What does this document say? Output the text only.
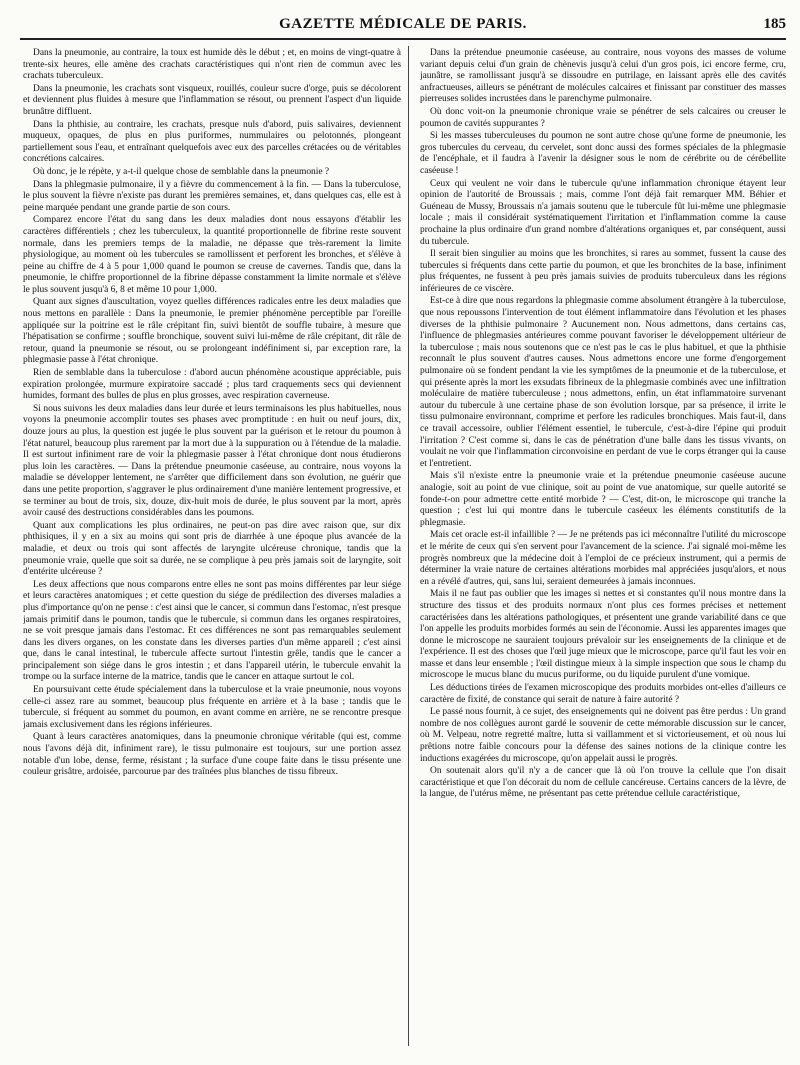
GAZETTE MÉDICALE DE PARIS.	185

Dans la pneumonie, au contraire, la toux est humide dès le début ; et, en moins de vingt-quatre à trente-six heures, elle amène des crachats caractéristiques qui n'ont rien de commun avec les crachats tuberculeux.

Dans la pneumonie, les crachats sont visqueux, rouillés, couleur sucre d'orge, puis se décolorent et deviennent plus fluides à mesure que l'inflammation se résout, ou prennent l'aspect d'un liquide brunâtre diffluent.

Dans la phthisie, au contraire, les crachats, presque nuls d'abord, puis salivaires, deviennent muqueux, opaques, de plus en plus puriformes, nummulaires ou pelotonnés, plongeant partiellement sous l'eau, et entraînant quelquefois avec eux des parcelles crétacées ou de véritables concrétions calcaires.

Où donc, je le répète, y a-t-il quelque chose de semblable dans la pneumonie ?

Dans la phlegmasie pulmonaire, il y a fièvre du commencement à la fin. — Dans la tuberculose, le plus souvent la fièvre n'existe pas durant les premières semaines, et, dans quelques cas, elle est à peine marquée pendant une grande partie de son cours.

Comparez encore l'état du sang dans les deux maladies dont nous essayons d'établir les caractères différentiels ; chez les tuberculeux, la quantité proportionnelle de fibrine reste souvent normale, dans les premiers temps de la maladie, ne dépasse que très-rarement la limite physiologique, au moment où les tubercules se ramollissent et perforent les bronches, et s'élève à peine au chiffre de 4 à 5 pour 1,000 quand le poumon se creuse de cavernes. Tandis que, dans la pneumonie, le chiffre proportionnel de la fibrine dépasse constamment la limite normale et s'élève le plus souvent jusqu'à 6, 8 et même 10 pour 1,000.

Quant aux signes d'auscultation, voyez quelles différences radicales entre les deux maladies que nous mettons en parallèle : Dans la pneumonie, le premier phénomène perceptible par l'oreille appliquée sur la poitrine est le râle crépitant fin, suivi bientôt de souffle tubaire, à mesure que l'hépatisation se confirme ; souffle bronchique, souvent suivi lui-même de râle crépitant, dit râle de retour, quand la pneumonie se résout, ou se prolongeant indéfiniment si, par exception rare, la phlegmasie passe à l'état chronique.

Rien de semblable dans la tuberculose : d'abord aucun phénomène acoustique appréciable, puis expiration prolongée, murmure expiratoire saccadé ; plus tard craquements secs qui deviennent humides, formant des bulles de plus en plus grosses, avec respiration caverneuse.

Si nous suivons les deux maladies dans leur durée et leurs terminaisons les plus habituelles, nous voyons la pneumonie accomplir toutes ses phases avec promptitude : en huit ou neuf jours, dix, douze jours au plus, la question est jugée le plus souvent par la guérison et le retour du poumon à l'état naturel, beaucoup plus rarement par la mort due à la suppuration ou à l'étendue de la maladie. Il est surtout infiniment rare de voir la phlegmasie passer à l'état chronique dont nous étudierons plus loin les caractères. — Dans la prétendue pneumonie caséeuse, au contraire, nous voyons la maladie se développer lentement, ne s'arrêter que difficilement dans son évolution, ne guérir que dans une petite proportion, s'aggraver le plus ordinairement d'une manière lentement progressive, et se terminer au bout de trois, six, douze, dix-huit mois de durée, le plus souvent par la mort, après avoir causé des destructions considérables dans les poumons.

Quant aux complications les plus ordinaires, ne peut-on pas dire avec raison que, sur dix phthisiques, il y en a six au moins qui sont pris de diarrhée à une époque plus avancée de la maladie, et deux ou trois qui sont affectés de laryngite ulcéreuse chronique, tandis que la pneumonie vraie, quelle que soit sa durée, ne se complique à peu près jamais soit de laryngite, soit d'entérite ulcéreuse ?

Les deux affections que nous comparons entre elles ne sont pas moins différentes par leur siége et leurs caractères anatomiques ; et cette question du siége de prédilection des diverses maladies a plus d'importance qu'on ne pense : c'est ainsi que le cancer, si commun dans l'estomac, n'est presque jamais primitif dans le poumon, tandis que le tubercule, si commun dans les organes respiratoires, ne se voit presque jamais dans l'estomac. Et ces différences ne sont pas remarquables seulement dans les divers organes, on les constate dans les diverses parties d'un même appareil ; c'est ainsi que, dans le canal intestinal, le tubercule affecte surtout l'intestin grêle, tandis que le cancer a principalement son siége dans le gros intestin ; et dans l'appareil utérin, le tubercule envahit la trompe ou la surface interne de la matrice, tandis que le cancer en attaque surtout le col.

En poursuivant cette étude spécialement dans la tuberculose et la vraie pneumonie, nous voyons celle-ci assez rare au sommet, beaucoup plus fréquente en arrière et à la base ; tandis que le tubercule, si fréquent au sommet du poumon, en avant comme en arrière, ne se rencontre presque jamais exclusivement dans les régions inférieures.

Quant à leurs caractères anatomiques, dans la pneumonie chronique véritable (qui est, comme nous l'avons déjà dit, infiniment rare), le tissu pulmonaire est toujours, sur une portion assez notable d'un lobe, dense, ferme, résistant ; la surface d'une coupe faite dans le tissu présente une couleur grisâtre, ardoisée, parcourue par des traînées plus blanches de tissu fibreux.

Dans la prétendue pneumonie caséeuse, au contraire, nous voyons des masses de volume variant depuis celui d'un grain de chènevis jusqu'à celui d'un gros pois, ici encore ferme, cru, jaunâtre, se ramollissant jusqu'à se dissoudre en putrilage, en laissant après elle des cavités anfractueuses, ailleurs se pénétrant de molécules calcaires et finissant par constituer des masses pierreuses solides incrustées dans le parenchyme pulmonaire.

Où donc voit-on la pneumonie chronique vraie se pénétrer de sels calcaires ou creuser le poumon de cavités suppurantes ?

Si les masses tuberculeuses du poumon ne sont autre chose qu'une forme de pneumonie, les gros tubercules du cerveau, du cervelet, sont donc aussi des formes spéciales de la phlegmasie de l'encéphale, et il faudra à l'avenir la désigner sous le nom de cérébrite ou de cérébellite caséeuse !

Ceux qui veulent ne voir dans le tubercule qu'une inflammation chronique étayent leur opinion de l'autorité de Broussais ; mais, comme l'ont déjà fait remarquer MM. Béhier et Guéneau de Mussy, Broussais n'a jamais soutenu que le tubercule fût lui-même une phlegmasie locale ; mais il considérait systématiquement l'irritation et l'inflammation comme la cause prochaine la plus ordinaire d'un grand nombre d'altérations organiques et, par conséquent, aussi du tubercule.

Il serait bien singulier au moins que les bronchites, si rares au sommet, fussent la cause des tubercules si fréquents dans cette partie du poumon, et que les bronchites de la base, infiniment plus fréquentes, ne fussent à peu près jamais suivies de produits tuberculeux dans les régions inférieures de ce viscère.

Est-ce à dire que nous regardons la phlegmasie comme absolument étrangère à la tuberculose, que nous repoussons l'intervention de tout élément inflammatoire dans l'évolution et les phases diverses de la phthisie pulmonaire ? Aucunement non. Nous admettons, dans certains cas, l'influence de phlegmasies antérieures comme pouvant favoriser le développement ultérieur de la tuberculose ; mais nous soutenons que ce n'est pas le cas le plus habituel, et que la phthisie reconnaît le plus souvent d'autres causes. Nous admettons encore une forme d'engorgement pulmonaire où se fondent pendant la vie les symptômes de la pneumonie et de la tuberculose, et qui présente après la mort les exsudats fibrineux de la phlegmasie combinés avec une infiltration moléculaire de matière tuberculeuse ; nous admettons, enfin, un état inflammatoire survenant autour du tubercule à une certaine phase de son évolution lorsque, par sa présence, il irrite le tissu pulmonaire environnant, comprime et perfore les radicules bronchiques. Mais faut-il, dans ce travail accessoire, oublier l'élément essentiel, le tubercule, c'est-à-dire l'épine qui produit l'irritation ? C'est comme si, dans le cas de pénétration d'une balle dans les tissus vivants, on voulait ne voir que l'inflammation circonvoisine en perdant de vue le corps étranger qui la cause et l'entretient.

Mais s'il n'existe entre la pneumonie vraie et la prétendue pneumonie caséeuse aucune analogie, soit au point de vue clinique, soit au point de vue anatomique, sur quelle autorité se fonde-t-on pour admettre cette entité morbide ? — C'est, dit-on, le microscope qui tranche la question ; c'est lui qui montre dans le tubercule caséeux les éléments constitutifs de la phlegmasie.

Mais cet oracle est-il infaillible ? — Je ne prétends pas ici méconnaître l'utilité du microscope et le mérite de ceux qui s'en servent pour l'avancement de la science. J'ai signalé moi-même les progrès nombreux que la médecine doit à l'emploi de ce précieux instrument, qui a permis de déterminer la vraie nature de certaines altérations morbides mal appréciées jusqu'alors, et nous en a révélé d'autres, qui, sans lui, seraient demeurées à jamais inconnues.

Mais il ne faut pas oublier que les images si nettes et si constantes qu'il nous montre dans la structure des tissus et des produits normaux n'ont plus ces formes précises et nettement caractérisées dans les altérations pathologiques, et présentent une grande variabilité dans ce que l'on appelle les produits morbides formés au sein de l'économie. Aussi les apparentes images que donne le microscope ne sauraient toujours prévaloir sur les enseignements de la clinique et de l'expérience. Il est des choses que l'œil juge mieux que le microscope, parce qu'il faut les voir en masse et dans leur ensemble ; l'œil distingue mieux à la simple inspection que sous le champ du microscope le mucus blanc du mucus puriforme, ou du liquide purulent d'une vomique.

Les déductions tirées de l'examen microscopique des produits morbides ont-elles d'ailleurs ce caractère de fixité, de constance qui serait de nature à faire autorité ?

Le passé nous fournit, à ce sujet, des enseignements qui ne doivent pas être perdus : Un grand nombre de nos collègues auront gardé le souvenir de cette mémorable discussion sur le cancer, où M. Velpeau, notre regretté maître, lutta si vaillamment et si victorieusement, et où nous lui prêtions notre faible concours pour la défense des saines notions de la clinique contre les inductions exagérées du microscope, qu'on appelait aussi le progrès.

On soutenait alors qu'il n'y a de cancer que là où l'on trouve la cellule que l'on disait caractéristique et que l'on décorait du nom de cellule cancéreuse. Certains cancers de la lèvre, de la langue, de l'utérus même, ne présentant pas cette prétendue cellule caractéristique,
